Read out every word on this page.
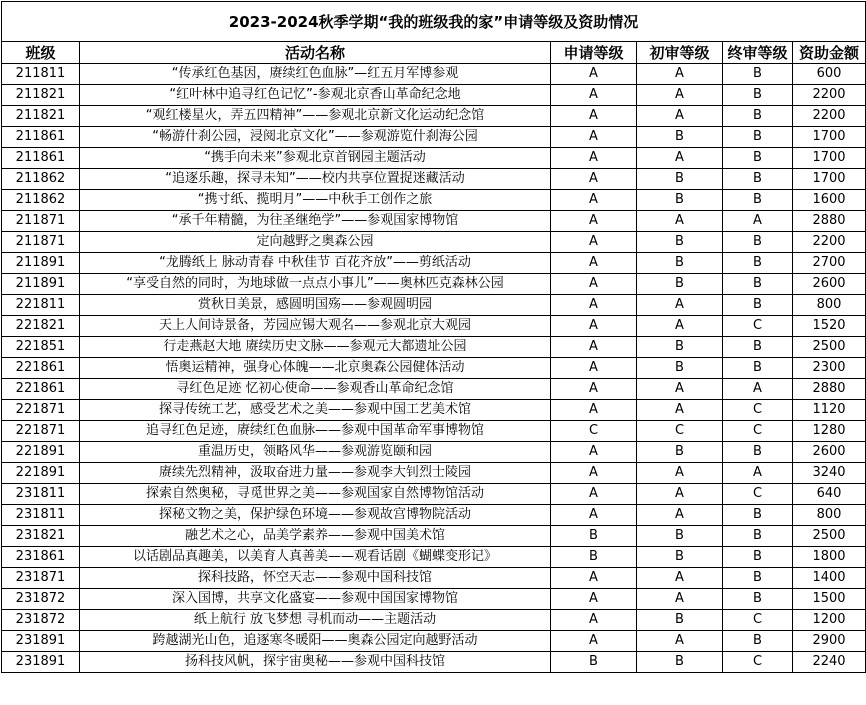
2023-2024秋季学期“我的班级我的家”申请等级及资助情况					
班级	活动名称	申请等级	初审等级	终审等级	资助金额
211811	“传承红色基因，赓续红色血脉”—红五月军博参观	A	A	B	600
211821	“红叶林中追寻红色记忆”-参观北京香山革命纪念地	A	A	B	2200
211821	“观红楼星火，弄五四精神”——参观北京新文化运动纪念馆	A	A	B	2200
211861	“畅游什刹公园，浸阅北京文化”——参观游览什刹海公园	A	B	B	1700
211861	“携手向未来”参观北京首钢园主题活动	A	A	B	1700
211862	“追逐乐趣，探寻未知”——校内共享位置捉迷藏活动	A	B	B	1700
211862	“携寸纸、揽明月”——中秋手工创作之旅	A	B	B	1600
211871	“承千年精髓，为往圣继绝学”——参观国家博物馆	A	A	A	2880
211871	定向越野之奥森公园	A	B	B	2200
211891	“龙腾纸上 脉动青春 中秋佳节 百花齐放”——剪纸活动	A	B	B	2700
211891	“享受自然的同时，为地球做一点点小事儿”——奥林匹克森林公园	A	B	B	2600
221811	赏秋日美景，感圆明国殇——参观圆明园	A	A	B	800
221821	天上人间诗景备，芳园应锡大观名——参观北京大观园	A	A	C	1520
221851	行走燕赵大地 赓续历史文脉——参观元大都遗址公园	A	B	B	2500
221861	悟奥运精神，强身心体魄——北京奥森公园健体活动	A	B	B	2300
221861	寻红色足迹 忆初心使命——参观香山革命纪念馆	A	A	A	2880
221871	探寻传统工艺，感受艺术之美——参观中国工艺美术馆	A	A	C	1120
221871	追寻红色足迹，赓续红色血脉——参观中国革命军事博物馆	C	C	C	1280
221891	重温历史，领略风华——参观游览颐和园	A	B	B	2600
221891	赓续先烈精神，汲取奋进力量——参观李大钊烈士陵园	A	A	A	3240
231811	探索自然奥秘，寻觅世界之美——参观国家自然博物馆活动	A	A	C	640
231811	探秘文物之美，保护绿色环境——参观故宫博物院活动	A	A	B	800
231821	融艺术之心，品美学素养——参观中国美术馆	B	B	B	2500
231861	以话剧品真趣美，以美育人真善美——观看话剧《蝴蝶变形记》	B	B	B	1800
231871	探科技路，怀空天志——参观中国科技馆	A	A	B	1400
231872	深入国博，共享文化盛宴——参观中国国家博物馆	A	A	B	1500
231872	纸上航行 放飞梦想 寻机而动——主题活动	A	B	C	1200
231891	跨越湖光山色，追逐寒冬暖阳——奥森公园定向越野活动	A	A	B	2900
231891	扬科技风帆，探宇宙奥秘——参观中国科技馆	B	B	C	2240
